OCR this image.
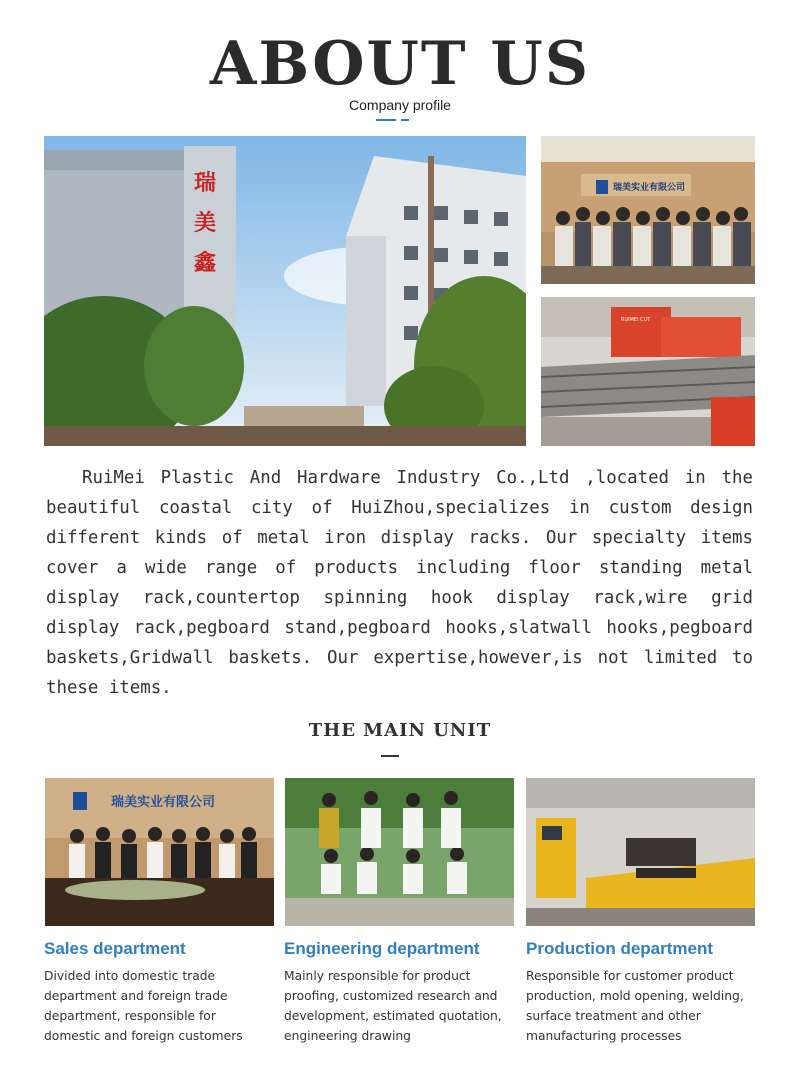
ABOUT US
Company profile
瑞
美
鑫
瑞美实业有限公司
RUIMEI CUT

RuiMei Plastic And Hardware Industry Co.,Ltd ,located in the beautiful coastal city of HuiZhou,specializes in custom design different kinds of metal iron display racks. Our specialty items cover a wide range of products including floor standing metal display rack,countertop spinning hook display rack,wire grid display rack,pegboard stand,pegboard hooks,slatwall hooks,pegboard baskets,Gridwall baskets. Our expertise,however,is not limited to these items.

THE MAIN UNIT
瑞美实业有限公司
Sales department	Engineering department	Production department
Divided into domestic trade department and foreign trade department, responsible for domestic and foreign customers
Mainly responsible for product proofing, customized research and development, estimated quotation, engineering drawing
Responsible for customer product production, mold opening, welding, surface treatment and other manufacturing processes
